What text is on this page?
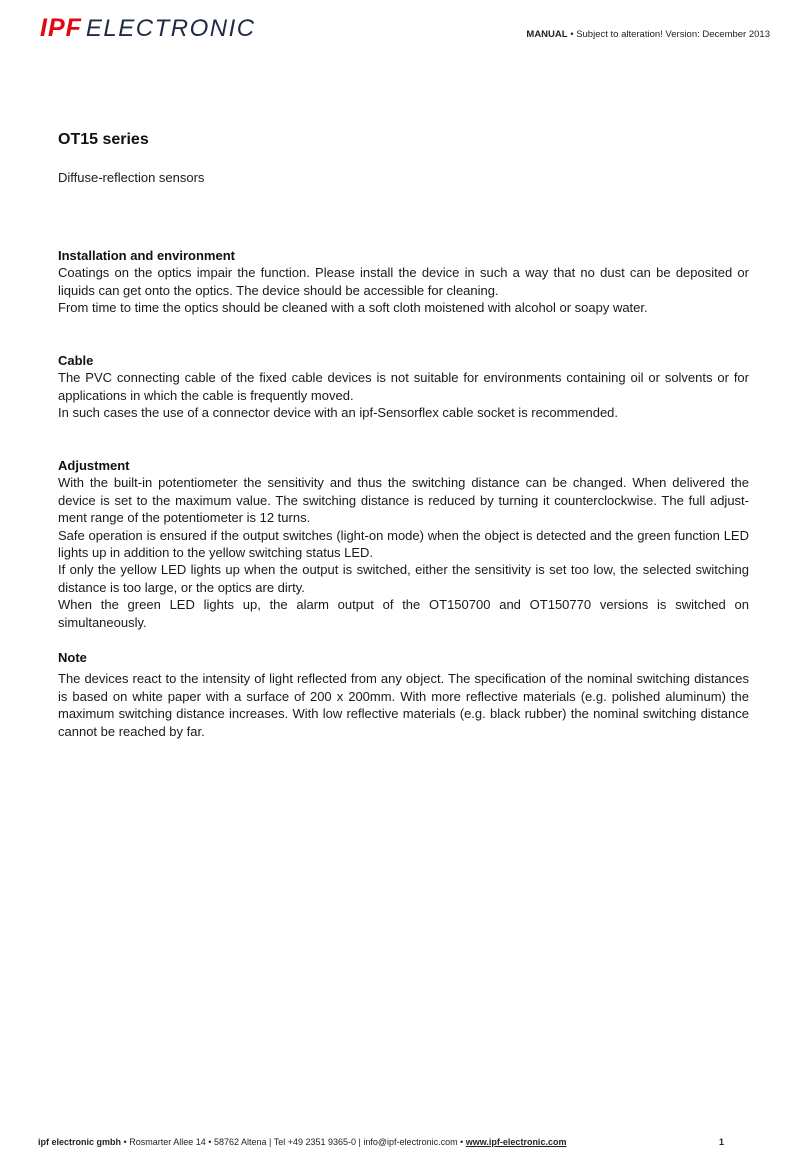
IPF ELECTRONIC	MANUAL • Subject to alteration! Version: December 2013
OT15 series
Diffuse-reflection sensors
Installation and environment

Coatings on the optics impair the function. Please install the device in such a way that no dust can be deposited or liquids can get onto the optics. The device should be accessible for cleaning.

From time to time the optics should be cleaned with a soft cloth moistened with alcohol or soapy water.

Cable

The PVC connecting cable of the fixed cable devices is not suitable for environments containing oil or solvents or for applications in which the cable is frequently moved.

In such cases the use of a connector device with an ipf-Sensorflex cable socket is recommended.

Adjustment

With the built-in potentiometer the sensitivity and thus the switching distance can be changed. When delivered the device is set to the maximum value. The switching distance is reduced by turning it counterclockwise. The full adjust-ment range of the potentiometer is 12 turns.

Safe operation is ensured if the output switches (light-on mode) when the object is detected and the green function LED lights up in addition to the yellow switching status LED.

If only the yellow LED lights up when the output is switched, either the sensitivity is set too low, the selected switching distance is too large, or the optics are dirty.

When the green LED lights up, the alarm output of the OT150700 and OT150770 versions is switched on simultaneously.

Note

The devices react to the intensity of light reflected from any object. The specification of the nominal switching distances is based on white paper with a surface of 200 x 200mm. With more reflective materials (e.g. polished aluminum) the maximum switching distance increases. With low reflective materials (e.g. black rubber) the nominal switching distance cannot be reached by far.

ipf electronic gmbh • Rosmarter Allee 14 • 58762 Altena | Tel +49 2351 9365-0 | info@ipf-electronic.com • www.ipf-electronic.com	1
